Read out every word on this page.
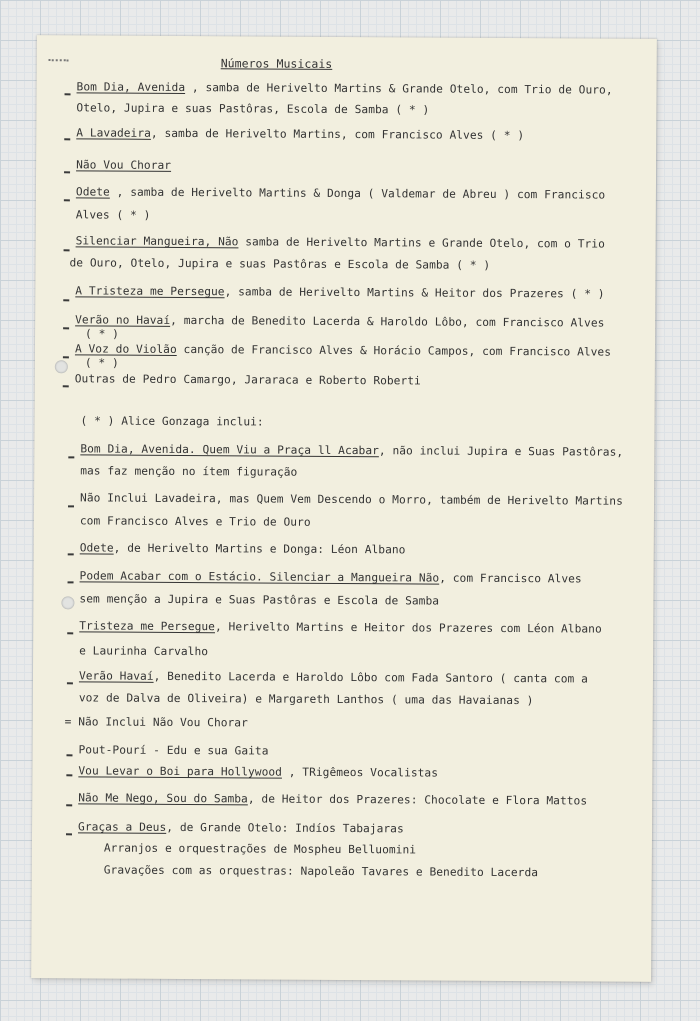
Números Musicais
Bom Dia, Avenida , samba de Herivelto Martins & Grande Otelo, com Trio de Ouro,
Otelo, Jupira e suas Pastôras, Escola de Samba ( * )
A Lavadeira, samba de Herivelto Martins, com Francisco Alves ( * )
Não Vou Chorar
Odete , samba de Herivelto Martins & Donga ( Valdemar de Abreu ) com Francisco
Alves ( * )
Silenciar Mangueira, Não samba de Herivelto Martins e Grande Otelo, com o Trio
de Ouro, Otelo, Jupira e suas Pastôras e Escola de Samba ( * )
A Tristeza me Persegue, samba de Herivelto Martins & Heitor dos Prazeres ( * )
Verão no Havaí, marcha de Benedito Lacerda & Haroldo Lôbo, com Francisco Alves
( * )
A Voz do Violão canção de Francisco Alves & Horácio Campos, com Francisco Alves
( * )
Outras de Pedro Camargo, Jararaca e Roberto Roberti
( * ) Alice Gonzaga inclui:
Bom Dia, Avenida. Quem Viu a Praça ll Acabar, não inclui Jupira e Suas Pastôras,
mas faz menção no ítem figuração
Não Inclui Lavadeira, mas Quem Vem Descendo o Morro, também de Herivelto Martins
com Francisco Alves e Trio de Ouro
Odete, de Herivelto Martins e Donga: Léon Albano
Podem Acabar com o Estácio. Silenciar a Mangueira Não, com Francisco Alves
sem menção a Jupira e Suas Pastôras e Escola de Samba
Tristeza me Persegue, Herivelto Martins e Heitor dos Prazeres com Léon Albano
e Laurinha Carvalho
Verão Havaí, Benedito Lacerda e Haroldo Lôbo com Fada Santoro ( canta com a
voz de Dalva de Oliveira) e Margareth Lanthos ( uma das Havaianas )
= Não Inclui Não Vou Chorar
Pout-Pourí - Edu e sua Gaita
Vou Levar o Boi para Hollywood , TRigêmeos Vocalistas
Não Me Nego, Sou do Samba, de Heitor dos Prazeres: Chocolate e Flora Mattos
Graças a Deus, de Grande Otelo: Indíos Tabajaras
Arranjos e orquestrações de Mospheu Belluomini
Gravações com as orquestras: Napoleão Tavares e Benedito Lacerda
